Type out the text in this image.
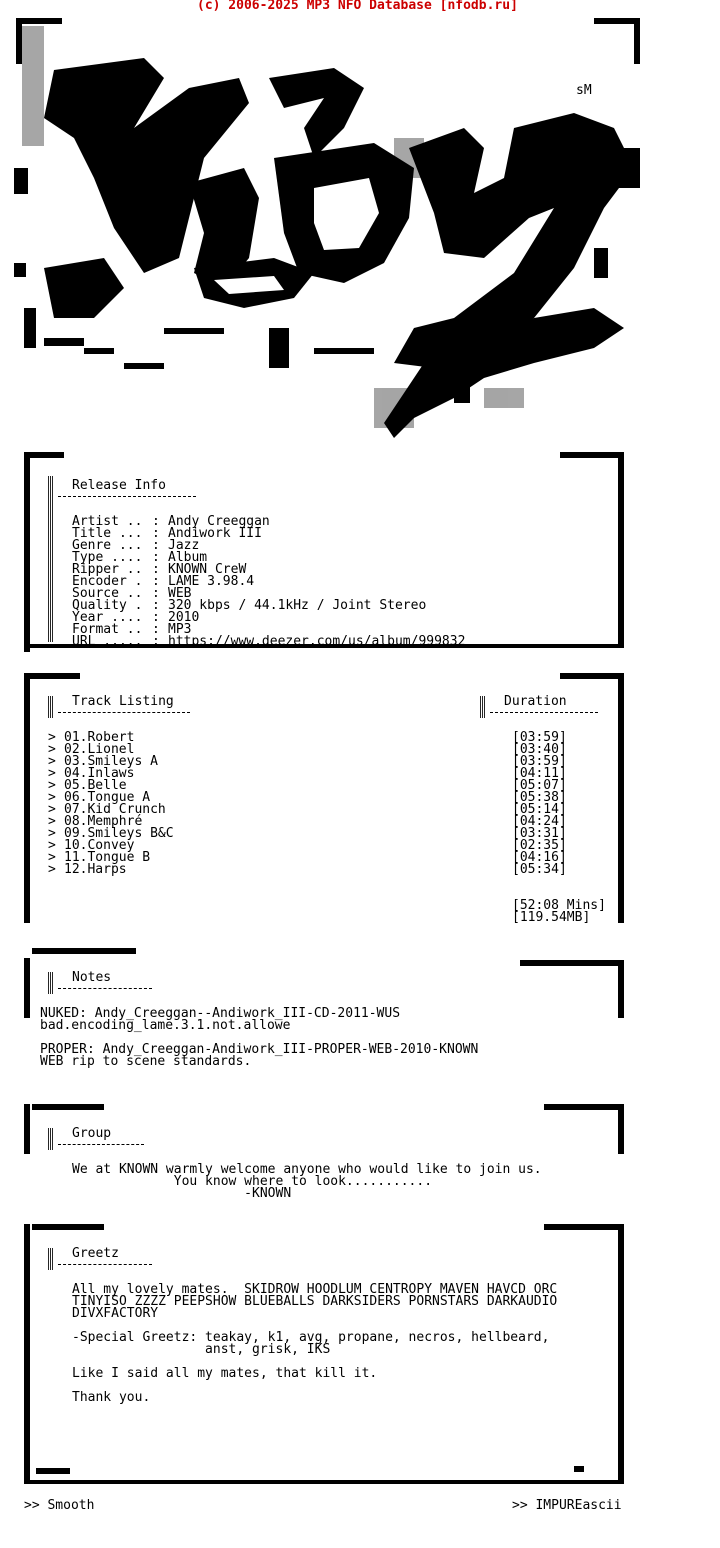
(c) 2006-2025 MP3 NFO Database [nfodb.ru]
sM
Release Info
Artist .. : Andy Creeggan
Title ... : Andiwork III
Genre ... : Jazz
Type .... : Album
Ripper .. : KNOWN CreW
Encoder . : LAME 3.98.4
Source .. : WEB
Quality . : 320 kbps / 44.1kHz / Joint Stereo
Year .... : 2010
Format .. : MP3
URL ..... : https://www.deezer.com/us/album/999832
Track Listing	Duration
> 01.Robert	[03:59]
> 02.Lionel	[03:40]
> 03.Smileys A	[03:59]
> 04.Inlaws	[04:11]
> 05.Belle	[05:07]
> 06.Tongue A	[05:38]
> 07.Kid Crunch	[05:14]
> 08.Memphré	[04:24]
> 09.Smileys B&C	[03:31]
> 10.Convey	[02:35]
> 11.Tongue B	[04:16]
> 12.Harps	[05:34]
[52:08 Mins]
[119.54MB]
Notes
NUKED: Andy_Creeggan--Andiwork_III-CD-2011-WUS
bad.encoding_lame.3.1.not.allowe
PROPER: Andy_Creeggan-Andiwork_III-PROPER-WEB-2010-KNOWN
WEB rip to scene standards.
Group
We at KNOWN warmly welcome anyone who would like to join us.
You know where to look...........
-KNOWN
Greetz
All my lovely mates.  SKIDROW HOODLUM CENTROPY MAVEN HAVCD ORC
TINYISO ZZZZ PEEPSHOW BLUEBALLS DARKSIDERS PORNSTARS DARKAUDIO
DIVXFACTORY
-Special Greetz: teakay, k1, avg, propane, necros, hellbeard,
anst, grisk, IKS
Like I said all my mates, that kill it.
Thank you.
>> Smooth	>> IMPUREascii
